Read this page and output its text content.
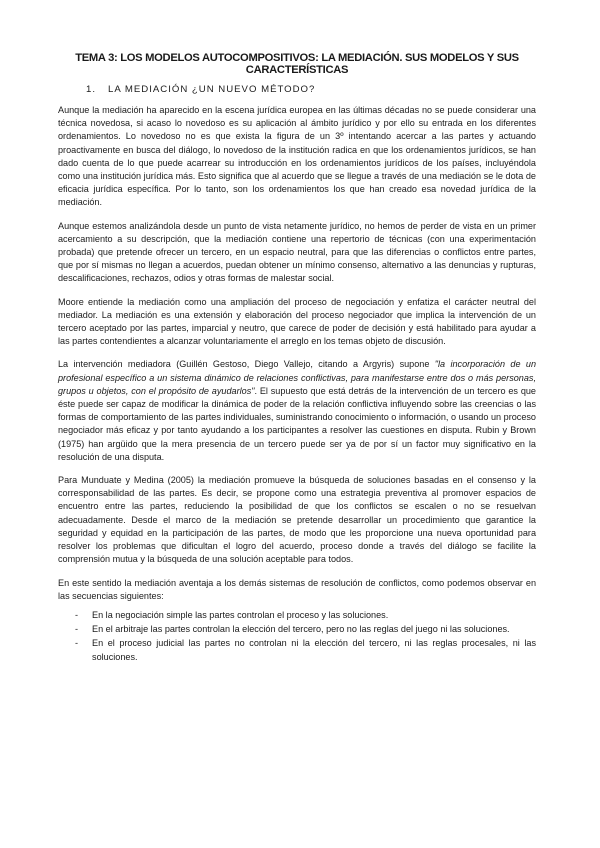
TEMA 3: LOS MODELOS AUTOCOMPOSITIVOS: LA MEDIACIÓN. SUS MODELOS Y SUS CARACTERÍSTICAS
1. LA MEDIACIÓN ¿UN NUEVO MÉTODO?

Aunque la mediación ha aparecido en la escena jurídica europea en las últimas décadas no se puede considerar una técnica novedosa, si acaso lo novedoso es su aplicación al ámbito jurídico y por ello su entrada en los diferentes ordenamientos. Lo novedoso no es que exista la figura de un 3º intentando acercar a las partes y actuando proactivamente en busca del diálogo, lo novedoso de la institución radica en que los ordenamientos jurídicos, se han dado cuenta de lo que puede acarrear su introducción en los ordenamientos jurídicos de los países, incluyéndola como una institución jurídica más. Esto significa que al acuerdo que se llegue a través de una mediación se le dota de eficacia jurídica específica. Por lo tanto, son los ordenamientos los que han creado esa novedad jurídica de la mediación.

Aunque estemos analizándola desde un punto de vista netamente jurídico, no hemos de perder de vista en un primer acercamiento a su descripción, que la mediación contiene una repertorio de técnicas (con una experimentación probada) que pretende ofrecer un tercero, en un espacio neutral, para que las diferencias o conflictos entre partes, que por sí mismas no llegan a acuerdos, puedan obtener un mínimo consenso, alternativo a las denuncias y rupturas, descalificaciones, rechazos, odios y otras formas de malestar social.

Moore entiende la mediación como una ampliación del proceso de negociación y enfatiza el carácter neutral del mediador. La mediación es una extensión y elaboración del proceso negociador que implica la intervención de un tercero aceptado por las partes, imparcial y neutro, que carece de poder de decisión y está habilitado para ayudar a las partes contendientes a alcanzar voluntariamente el arreglo en los temas objeto de discusión.

La intervención mediadora (Guillén Gestoso, Diego Vallejo, citando a Argyris) supone "la incorporación de un profesional específico a un sistema dinámico de relaciones conflictivas, para manifestarse entre dos o más personas, grupos u objetos, con el propósito de ayudarlos". El supuesto que está detrás de la intervención de un tercero es que éste puede ser capaz de modificar la dinámica de poder de la relación conflictiva influyendo sobre las creencias o las formas de comportamiento de las partes individuales, suministrando conocimiento o información, o usando un proceso negociador más eficaz y por tanto ayudando a los participantes a resolver las cuestiones en disputa. Rubin y Brown (1975) han argüido que la mera presencia de un tercero puede ser ya de por sí un factor muy significativo en la resolución de una disputa.

Para Munduate y Medina (2005) la mediación promueve la búsqueda de soluciones basadas en el consenso y la corresponsabilidad de las partes. Es decir, se propone como una estrategia preventiva al promover espacios de encuentro entre las partes, reduciendo la posibilidad de que los conflictos se escalen o no se resuelvan adecuadamente. Desde el marco de la mediación se pretende desarrollar un procedimiento que garantice la seguridad y equidad en la participación de las partes, de modo que les proporcione una nueva oportunidad para resolver los problemas que dificultan el logro del acuerdo, proceso donde a través del diálogo se facilite la comprensión mutua y la búsqueda de una solución aceptable para todos.

En este sentido la mediación aventaja a los demás sistemas de resolución de conflictos, como podemos observar en las secuencias siguientes:

- En la negociación simple las partes controlan el proceso y las soluciones.
- En el arbitraje las partes controlan la elección del tercero, pero no las reglas del juego ni las soluciones.
- En el proceso judicial las partes no controlan ni la elección del tercero, ni las reglas procesales, ni las soluciones.
